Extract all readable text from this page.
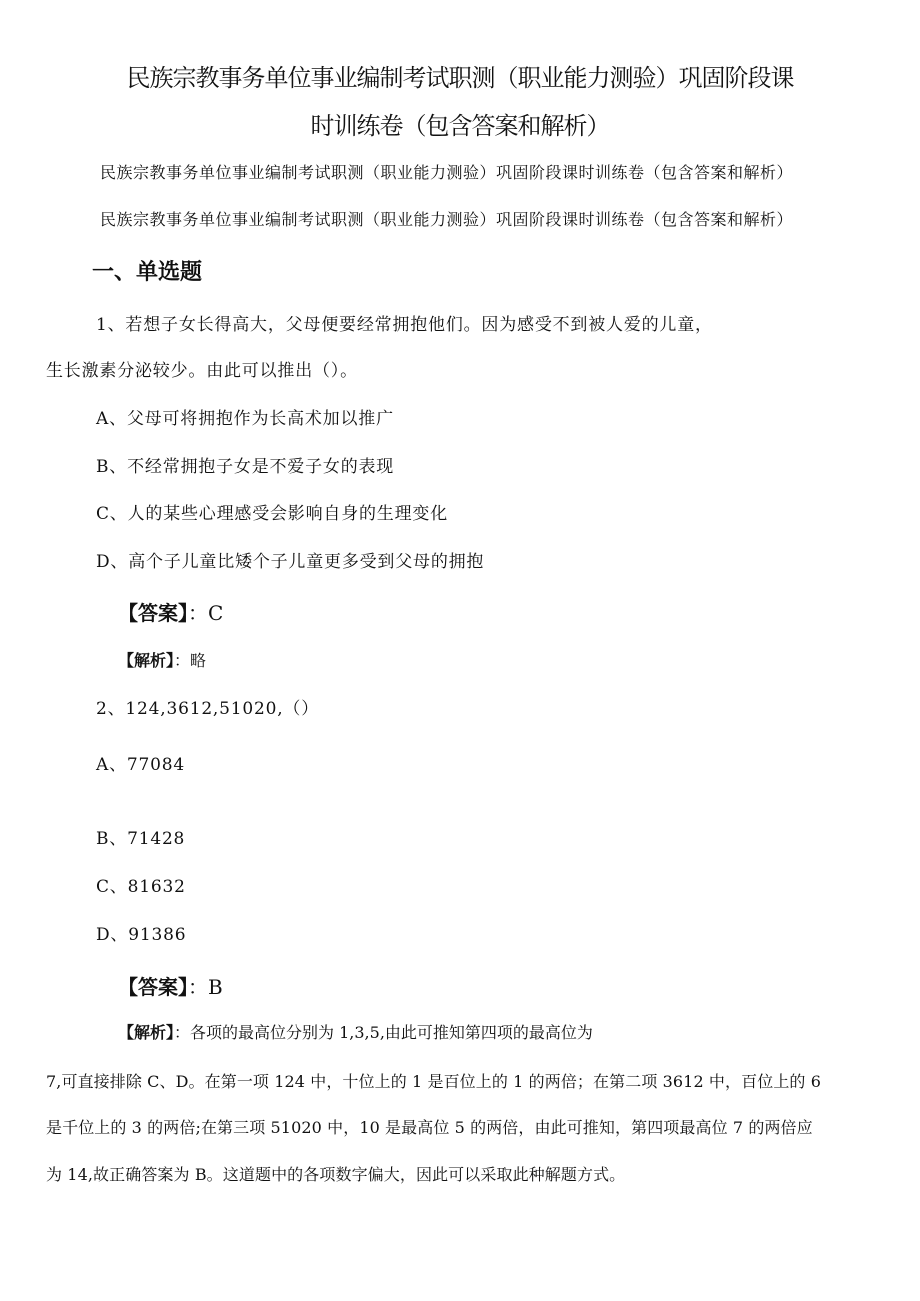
民族宗教事务单位事业编制考试职测（职业能力测验）巩固阶段课
时训练卷（包含答案和解析）
民族宗教事务单位事业编制考试职测（职业能力测验）巩固阶段课时训练卷（包含答案和解析）
民族宗教事务单位事业编制考试职测（职业能力测验）巩固阶段课时训练卷（包含答案和解析）
一、单选题
1、若想子女长得高大，父母便要经常拥抱他们。因为感受不到被人爱的儿童，
生长激素分泌较少。由此可以推出（）。
A、父母可将拥抱作为长高术加以推广
B、不经常拥抱子女是不爱子女的表现
C、人的某些心理感受会影响自身的生理变化
D、高个子儿童比矮个子儿童更多受到父母的拥抱
【答案】：C
【解析】：略
2、124,3612,51020,（）
A、77084
B、71428
C、81632
D、91386
【答案】：B
【解析】：各项的最高位分别为 1,3,5,由此可推知第四项的最高位为
7,可直接排除 C、D。在第一项 124 中，十位上的 1 是百位上的 1 的两倍；在第二项 3612 中，百位上的 6
是千位上的 3 的两倍;在第三项 51020 中，10 是最高位 5 的两倍，由此可推知，第四项最高位 7 的两倍应
为 14,故正确答案为 B。这道题中的各项数字偏大，因此可以采取此种解题方式。
